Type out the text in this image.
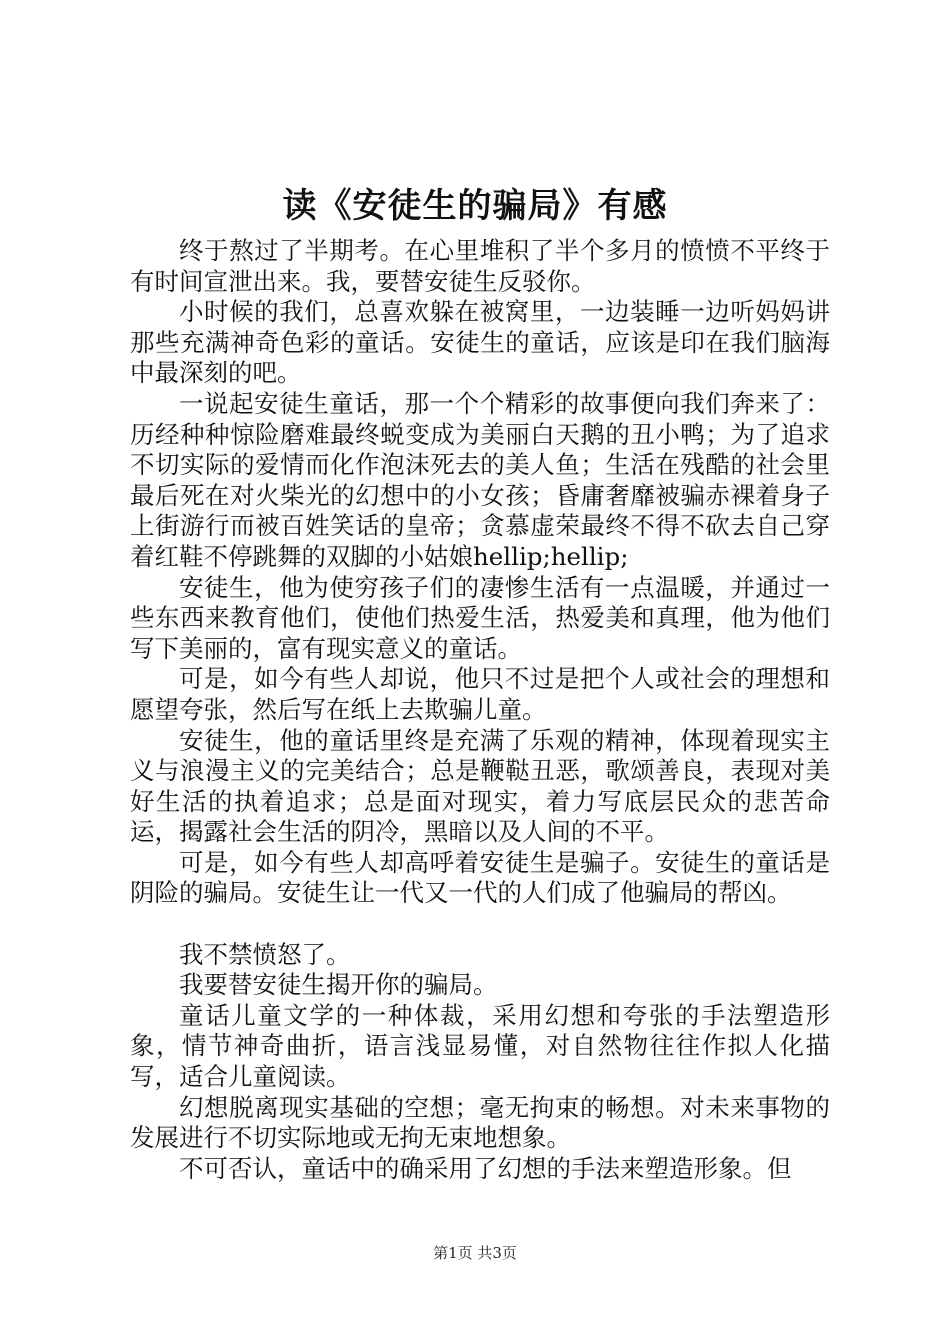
读《安徒生的骗局》有感

终于熬过了半期考。在心里堆积了半个多月的愤愤不平终于有时间宣泄出来。我，要替安徒生反驳你。

小时候的我们，总喜欢躲在被窝里，一边装睡一边听妈妈讲那些充满神奇色彩的童话。安徒生的童话，应该是印在我们脑海中最深刻的吧。

一说起安徒生童话，那一个个精彩的故事便向我们奔来了：历经种种惊险磨难最终蜕变成为美丽白天鹅的丑小鸭；为了追求不切实际的爱情而化作泡沫死去的美人鱼；生活在残酷的社会里最后死在对火柴光的幻想中的小女孩；昏庸奢靡被骗赤裸着身子上街游行而被百姓笑话的皇帝；贪慕虚荣最终不得不砍去自己穿着红鞋不停跳舞的双脚的小姑娘hellip;hellip;

安徒生，他为使穷孩子们的凄惨生活有一点温暖，并通过一些东西来教育他们，使他们热爱生活，热爱美和真理，他为他们写下美丽的，富有现实意义的童话。

可是，如今有些人却说，他只不过是把个人或社会的理想和愿望夸张，然后写在纸上去欺骗儿童。

安徒生，他的童话里终是充满了乐观的精神，体现着现实主义与浪漫主义的完美结合；总是鞭鞑丑恶，歌颂善良，表现对美好生活的执着追求；总是面对现实，着力写底层民众的悲苦命运，揭露社会生活的阴冷，黑暗以及人间的不平。

可是，如今有些人却高呼着安徒生是骗子。安徒生的童话是阴险的骗局。安徒生让一代又一代的人们成了他骗局的帮凶。

我不禁愤怒了。

我要替安徒生揭开你的骗局。

童话儿童文学的一种体裁，采用幻想和夸张的手法塑造形象，情节神奇曲折，语言浅显易懂，对自然物往往作拟人化描写，适合儿童阅读。

幻想脱离现实基础的空想；毫无拘束的畅想。对未来事物的发展进行不切实际地或无拘无束地想象。

不可否认，童话中的确采用了幻想的手法来塑造形象。但

第1页 共3页
